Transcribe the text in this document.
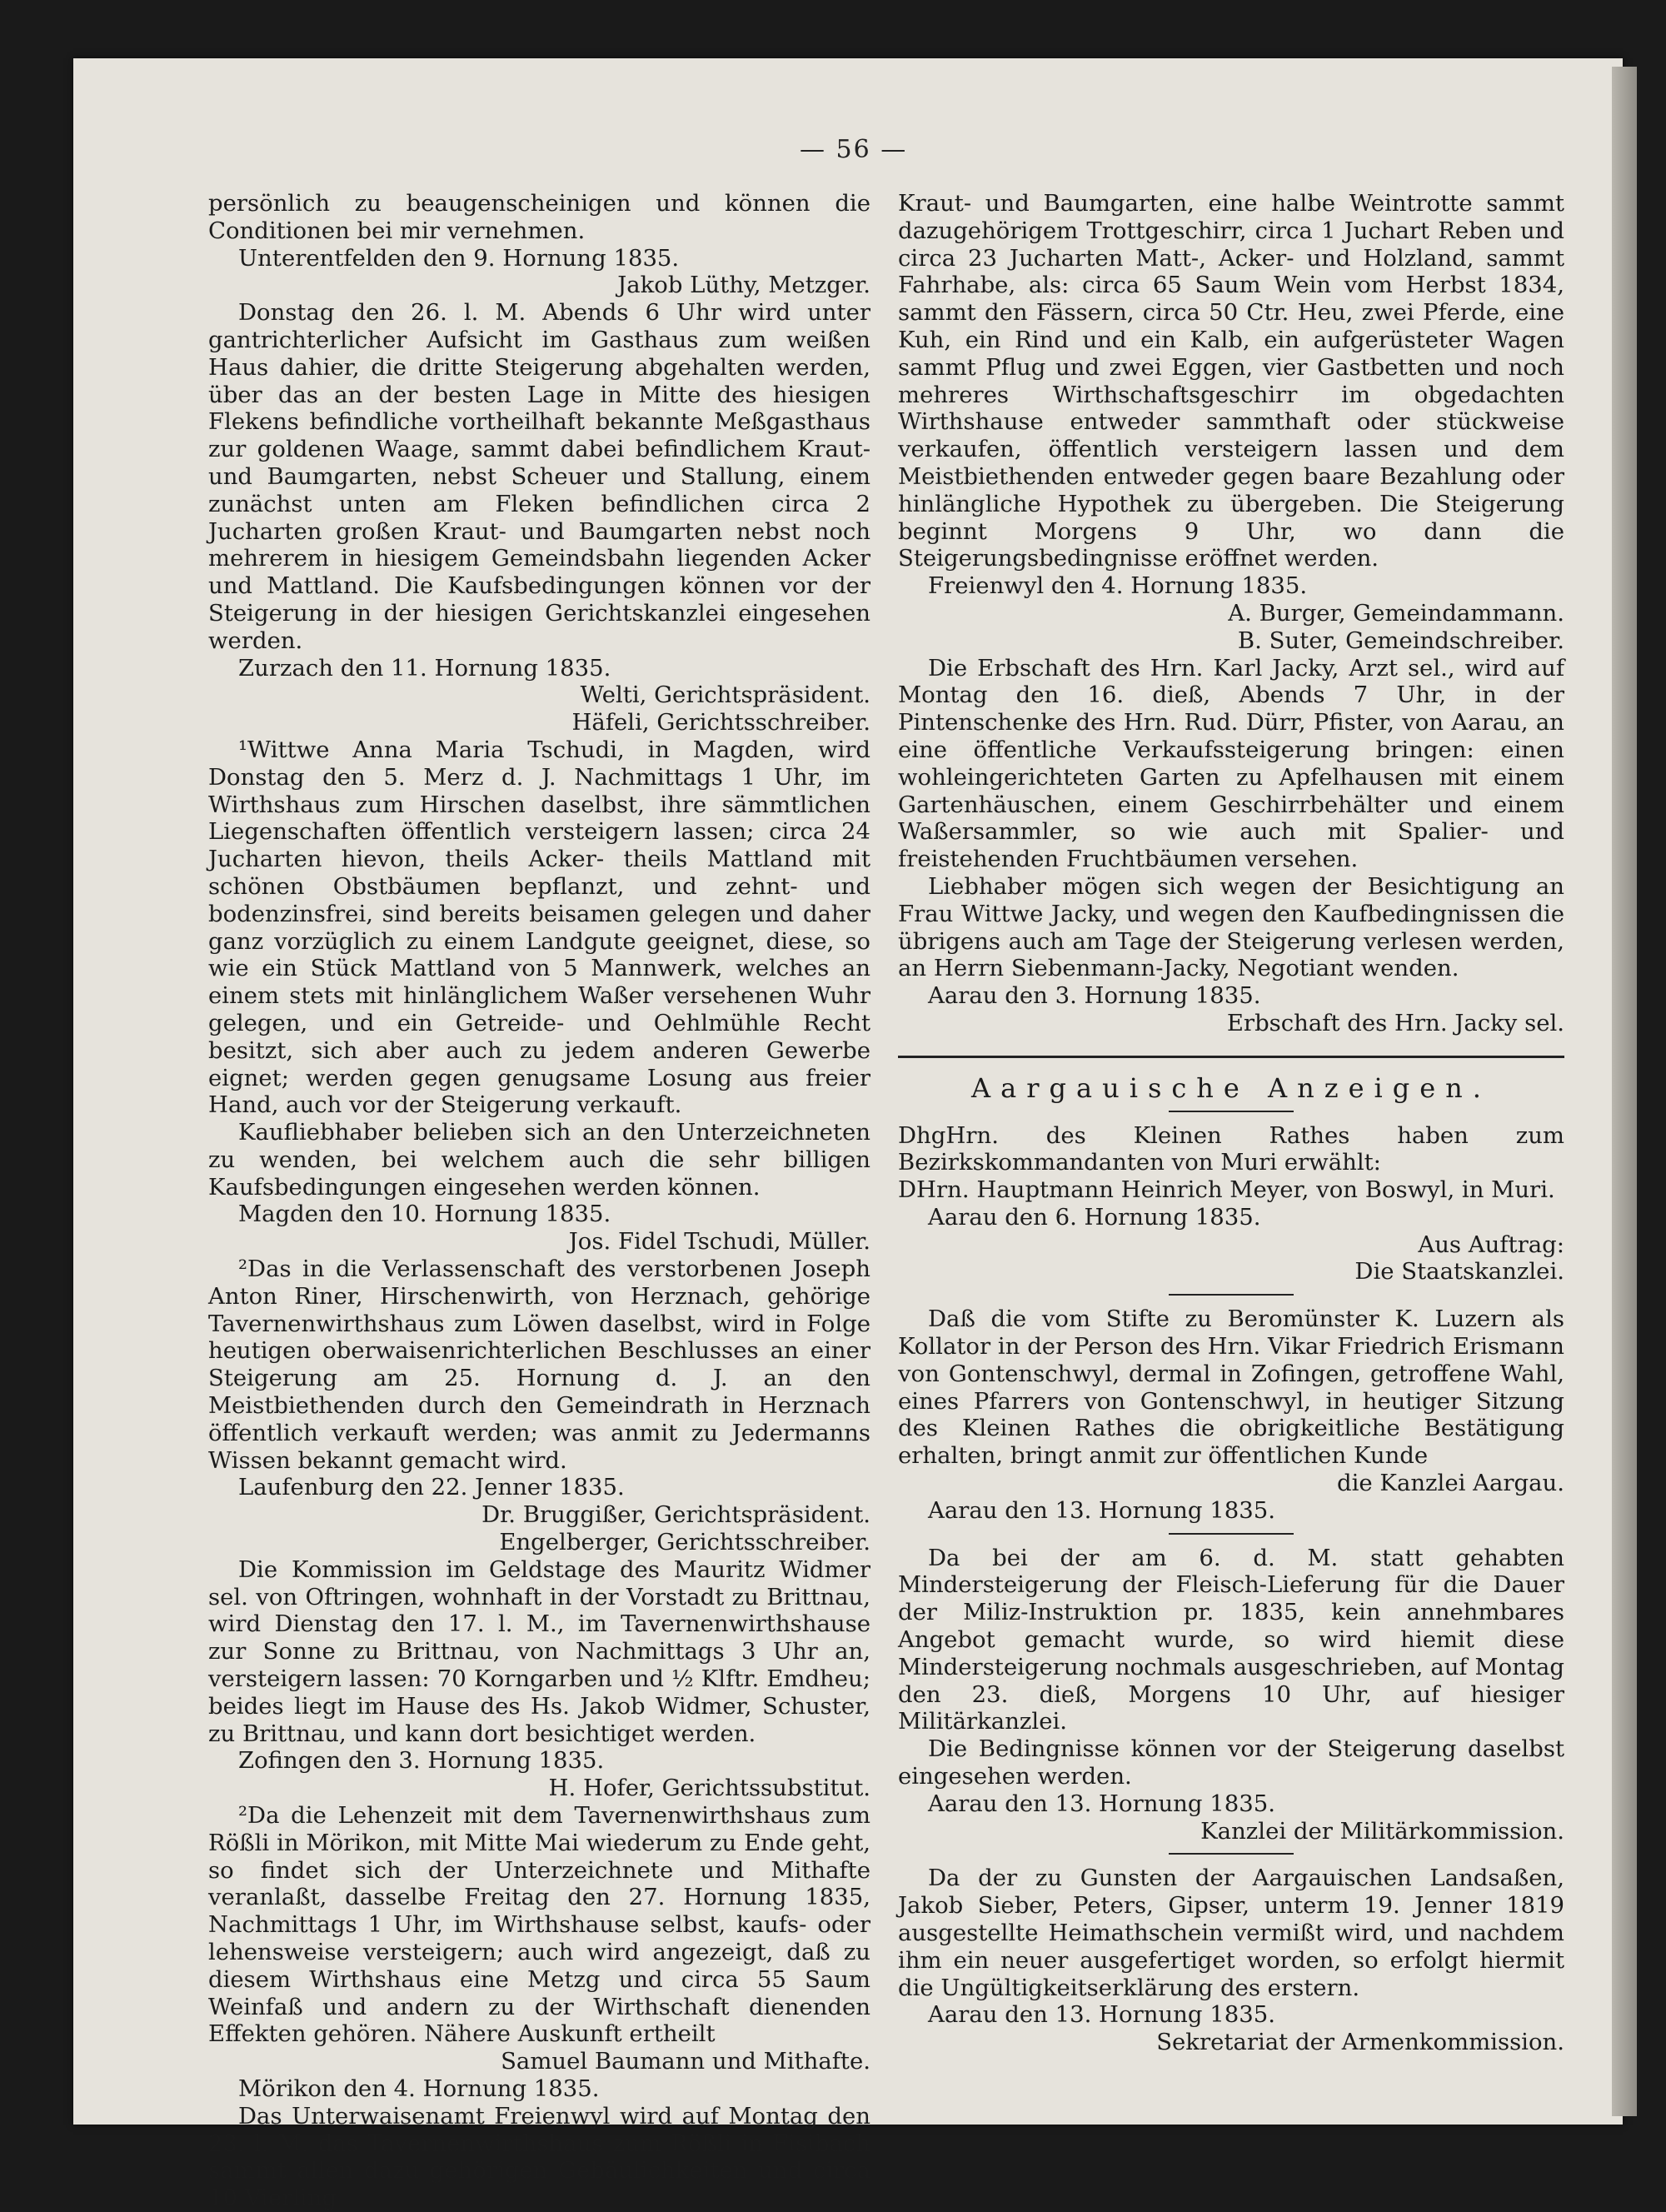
— 56 —

persönlich zu beaugenscheinigen und können die Conditionen bei mir vernehmen.

Unterentfelden den 9. Hornung 1835.

Jakob Lüthy, Metzger.

Donstag den 26. l. M. Abends 6 Uhr wird unter gantrichterlicher Aufsicht im Gasthaus zum weißen Haus dahier, die dritte Steigerung abgehalten werden, über das an der besten Lage in Mitte des hiesigen Flekens befindliche vortheilhaft bekannte Meßgasthaus zur goldenen Waage, sammt dabei befindlichem Kraut- und Baumgarten, nebst Scheuer und Stallung, einem zunächst unten am Fleken befindlichen circa 2 Jucharten großen Kraut- und Baumgarten nebst noch mehrerem in hiesigem Gemeindsbahn liegenden Acker und Mattland. Die Kaufsbedingungen können vor der Steigerung in der hiesigen Gerichtskanzlei eingesehen werden.

Zurzach den 11. Hornung 1835.

Welti, Gerichtspräsident.

Häfeli, Gerichtsschreiber.

¹Wittwe Anna Maria Tschudi, in Magden, wird Donstag den 5. Merz d. J. Nachmittags 1 Uhr, im Wirthshaus zum Hirschen daselbst, ihre sämmtlichen Liegenschaften öffentlich versteigern lassen; circa 24 Jucharten hievon, theils Acker- theils Mattland mit schönen Obstbäumen bepflanzt, und zehnt- und bodenzinsfrei, sind bereits beisamen gelegen und daher ganz vorzüglich zu einem Landgute geeignet, diese, so wie ein Stück Mattland von 5 Mannwerk, welches an einem stets mit hinlänglichem Waßer versehenen Wuhr gelegen, und ein Getreide- und Oehlmühle Recht besitzt, sich aber auch zu jedem anderen Gewerbe eignet; werden gegen genugsame Losung aus freier Hand, auch vor der Steigerung verkauft.

Kaufliebhaber belieben sich an den Unterzeichneten zu wenden, bei welchem auch die sehr billigen Kaufsbedingungen eingesehen werden können.

Magden den 10. Hornung 1835.

Jos. Fidel Tschudi, Müller.

²Das in die Verlassenschaft des verstorbenen Joseph Anton Riner, Hirschenwirth, von Herznach, gehörige Tavernenwirthshaus zum Löwen daselbst, wird in Folge heutigen oberwaisenrichterlichen Beschlusses an einer Steigerung am 25. Hornung d. J. an den Meistbiethenden durch den Gemeindrath in Herznach öffentlich verkauft werden; was anmit zu Jedermanns Wissen bekannt gemacht wird.

Laufenburg den 22. Jenner 1835.

Dr. Bruggißer, Gerichtspräsident.

Engelberger, Gerichtsschreiber.

Die Kommission im Geldstage des Mauritz Widmer sel. von Oftringen, wohnhaft in der Vorstadt zu Brittnau, wird Dienstag den 17. l. M., im Tavernenwirthshause zur Sonne zu Brittnau, von Nachmittags 3 Uhr an, versteigern lassen: 70 Korngarben und ½ Klftr. Emdheu; beides liegt im Hause des Hs. Jakob Widmer, Schuster, zu Brittnau, und kann dort besichtiget werden.

Zofingen den 3. Hornung 1835.

H. Hofer, Gerichtssubstitut.

²Da die Lehenzeit mit dem Tavernenwirthshaus zum Rößli in Mörikon, mit Mitte Mai wiederum zu Ende geht, so findet sich der Unterzeichnete und Mithafte veranlaßt, dasselbe Freitag den 27. Hornung 1835, Nachmittags 1 Uhr, im Wirthshause selbst, kaufs- oder lehensweise versteigern; auch wird angezeigt, daß zu diesem Wirthshaus eine Metzg und circa 55 Saum Weinfaß und andern zu der Wirthschaft dienenden Effekten gehören. Nähere Auskunft ertheilt

Samuel Baumann und Mithafte.

Mörikon den 4. Hornung 1835.

Das Unterwaisenamt Freienwyl wird auf Montag den 23. l. M. das Tavernenwirthshaus zum Rößli in Fisibach sammt allen dazu gehörigen Gebäulichkeiten und circa 10 Vierling

Kraut- und Baumgarten, eine halbe Weintrotte sammt dazugehörigem Trottgeschirr, circa 1 Juchart Reben und circa 23 Jucharten Matt-, Acker- und Holzland, sammt Fahrhabe, als: circa 65 Saum Wein vom Herbst 1834, sammt den Fässern, circa 50 Ctr. Heu, zwei Pferde, eine Kuh, ein Rind und ein Kalb, ein aufgerüsteter Wagen sammt Pflug und zwei Eggen, vier Gastbetten und noch mehreres Wirthschaftsgeschirr im obgedachten Wirthshause entweder sammthaft oder stückweise verkaufen, öffentlich versteigern lassen und dem Meistbiethenden entweder gegen baare Bezahlung oder hinlängliche Hypothek zu übergeben. Die Steigerung beginnt Morgens 9 Uhr, wo dann die Steigerungsbedingnisse eröffnet werden.

Freienwyl den 4. Hornung 1835.

A. Burger, Gemeindammann.

B. Suter, Gemeindschreiber.

Die Erbschaft des Hrn. Karl Jacky, Arzt sel., wird auf Montag den 16. dieß, Abends 7 Uhr, in der Pintenschenke des Hrn. Rud. Dürr, Pfister, von Aarau, an eine öffentliche Verkaufssteigerung bringen: einen wohleingerichteten Garten zu Apfelhausen mit einem Gartenhäuschen, einem Geschirrbehälter und einem Waßersammler, so wie auch mit Spalier- und freistehenden Fruchtbäumen versehen.

Liebhaber mögen sich wegen der Besichtigung an Frau Wittwe Jacky, und wegen den Kaufbedingnissen die übrigens auch am Tage der Steigerung verlesen werden, an Herrn Siebenmann-Jacky, Negotiant wenden.

Aarau den 3. Hornung 1835.

Erbschaft des Hrn. Jacky sel.

Aargauische Anzeigen.

DhgHrn. des Kleinen Rathes haben zum Bezirkskommandanten von Muri erwählt:

DHrn. Hauptmann Heinrich Meyer, von Boswyl, in Muri.

Aarau den 6. Hornung 1835.

Aus Auftrag:

Die Staatskanzlei.

Daß die vom Stifte zu Beromünster K. Luzern als Kollator in der Person des Hrn. Vikar Friedrich Erismann von Gontenschwyl, dermal in Zofingen, getroffene Wahl, eines Pfarrers von Gontenschwyl, in heutiger Sitzung des Kleinen Rathes die obrigkeitliche Bestätigung erhalten, bringt anmit zur öffentlichen Kunde

die Kanzlei Aargau.

Aarau den 13. Hornung 1835.

Da bei der am 6. d. M. statt gehabten Mindersteigerung der Fleisch-Lieferung für die Dauer der Miliz-Instruktion pr. 1835, kein annehmbares Angebot gemacht wurde, so wird hiemit diese Mindersteigerung nochmals ausgeschrieben, auf Montag den 23. dieß, Morgens 10 Uhr, auf hiesiger Militärkanzlei.

Die Bedingnisse können vor der Steigerung daselbst eingesehen werden.

Aarau den 13. Hornung 1835.

Kanzlei der Militärkommission.

Da der zu Gunsten der Aargauischen Landsaßen, Jakob Sieber, Peters, Gipser, unterm 19. Jenner 1819 ausgestellte Heimathschein vermißt wird, und nachdem ihm ein neuer ausgefertiget worden, so erfolgt hiermit die Ungültigkeitserklärung des erstern.

Aarau den 13. Hornung 1835.

Sekretariat der Armenkommission.
